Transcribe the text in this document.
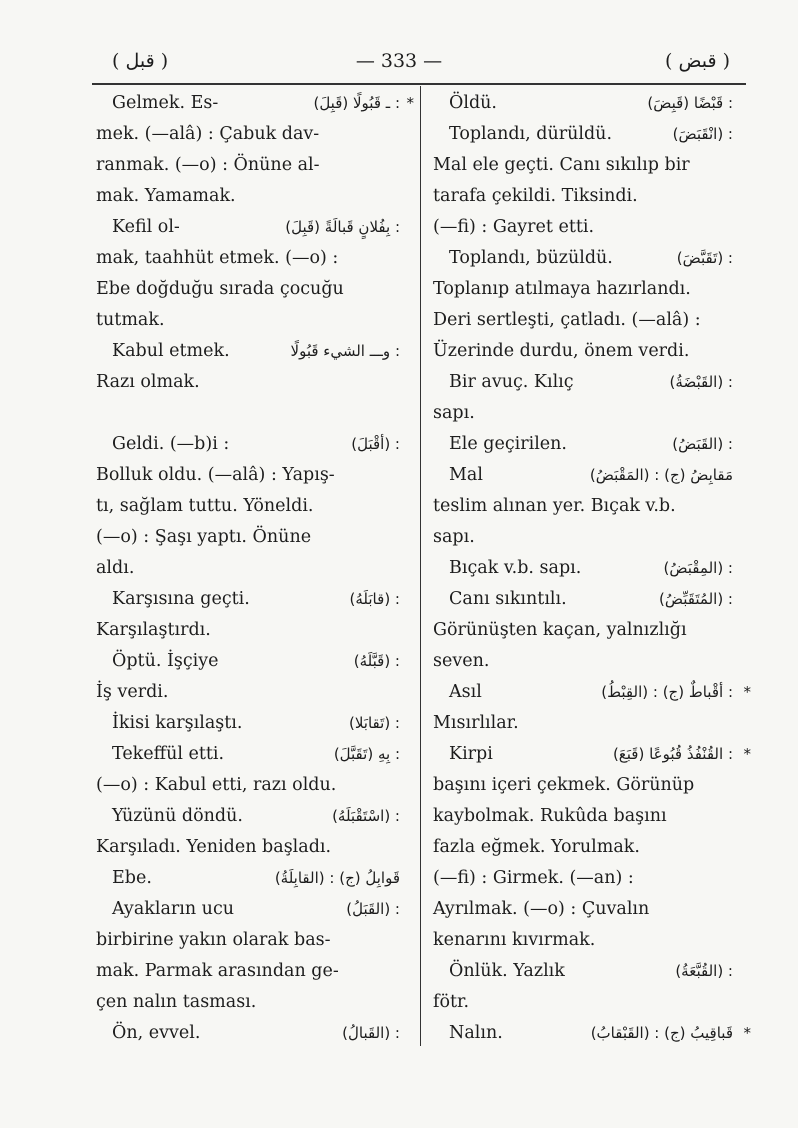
( قبل )	— 333 —	( قبض )
Gelmek. Es-	(قَبِلَ) ـ قَبُولًا : *
mek. (—alâ) : Çabuk dav-
ranmak. (—o) : Önüne al-
mak. Yamamak.
Kefil ol-	(قَبِلَ) بِفُلانٍ قَبالَةً :
mak, taahhüt etmek. (—o) :
Ebe doğduğu sırada çocuğu
tutmak.
Kabul etmek.	وـــ الشيء قَبُولًا :
Razı olmak.
Geldi. (—b)i :	(أقْبَلَ) :
Bolluk oldu. (—alâ) : Yapış-
tı, sağlam tuttu. Yöneldi.
(—o) : Şaşı yaptı. Önüne
aldı.
Karşısına geçti.	(قابَلَهُ) :
Karşılaştırdı.
Öptü. İşçiye	(قَبَّلَهُ) :
İş verdi.
İkisi karşılaştı.	(تَقابَلا) :
Tekeffül etti.	(تَقَبَّلَ) بِهِ :
(—o) : Kabul etti, razı oldu.
Yüzünü döndü.	(اسْتَقْبَلَهُ) :
Karşıladı. Yeniden başladı.
Ebe.	(القابِلَةُ) : (ج) قَوابِلُ
Ayakların ucu	(القَبَلُ) :
birbirine yakın olarak bas-
mak. Parmak arasından ge-
çen nalın tasması.
Ön, evvel.	(القَبالُ) :
Öldü.	(قَبِضَ) قَبْضًا :
Toplandı, dürüldü.	(انْقَبَضَ) :
Mal ele geçti. Canı sıkılıp bir
tarafa çekildi. Tiksindi.
(—fi) : Gayret etti.
Toplandı, büzüldü.	(تَقَبَّضَ) :
Toplanıp atılmaya hazırlandı.
Deri sertleşti, çatladı. (—alâ) :
Üzerinde durdu, önem verdi.
Bir avuç. Kılıç	(القَبْضَةُ) :
sapı.
Ele geçirilen.	(القَبَضُ) :
Mal	(المَقْبَضُ) : (ج) مَقابِضُ
teslim alınan yer. Bıçak v.b.
sapı.
Bıçak v.b. sapı.	(المِقْبَضُ) :
Canı sıkıntılı.	(المُتَقَبِّضُ) :
Görünüşten kaçan, yalnızlığı
seven.
Asıl	(القِبْطُ) : (ج) أقْباطٌ : *
Mısırlılar.
Kirpi	(قَبَعَ) القُنْفُذُ قُبُوعًا : *
başını içeri çekmek. Görünüp
kaybolmak. Rukûda başını
fazla eğmek. Yorulmak.
(—fi) : Girmek. (—an) :
Ayrılmak. (—o) : Çuvalın
kenarını kıvırmak.
Önlük. Yazlık	(القُبَّعَةُ) :
fötr.
Nalın.	(القَبْقابُ) : (ج) قَباقِيبُ *
